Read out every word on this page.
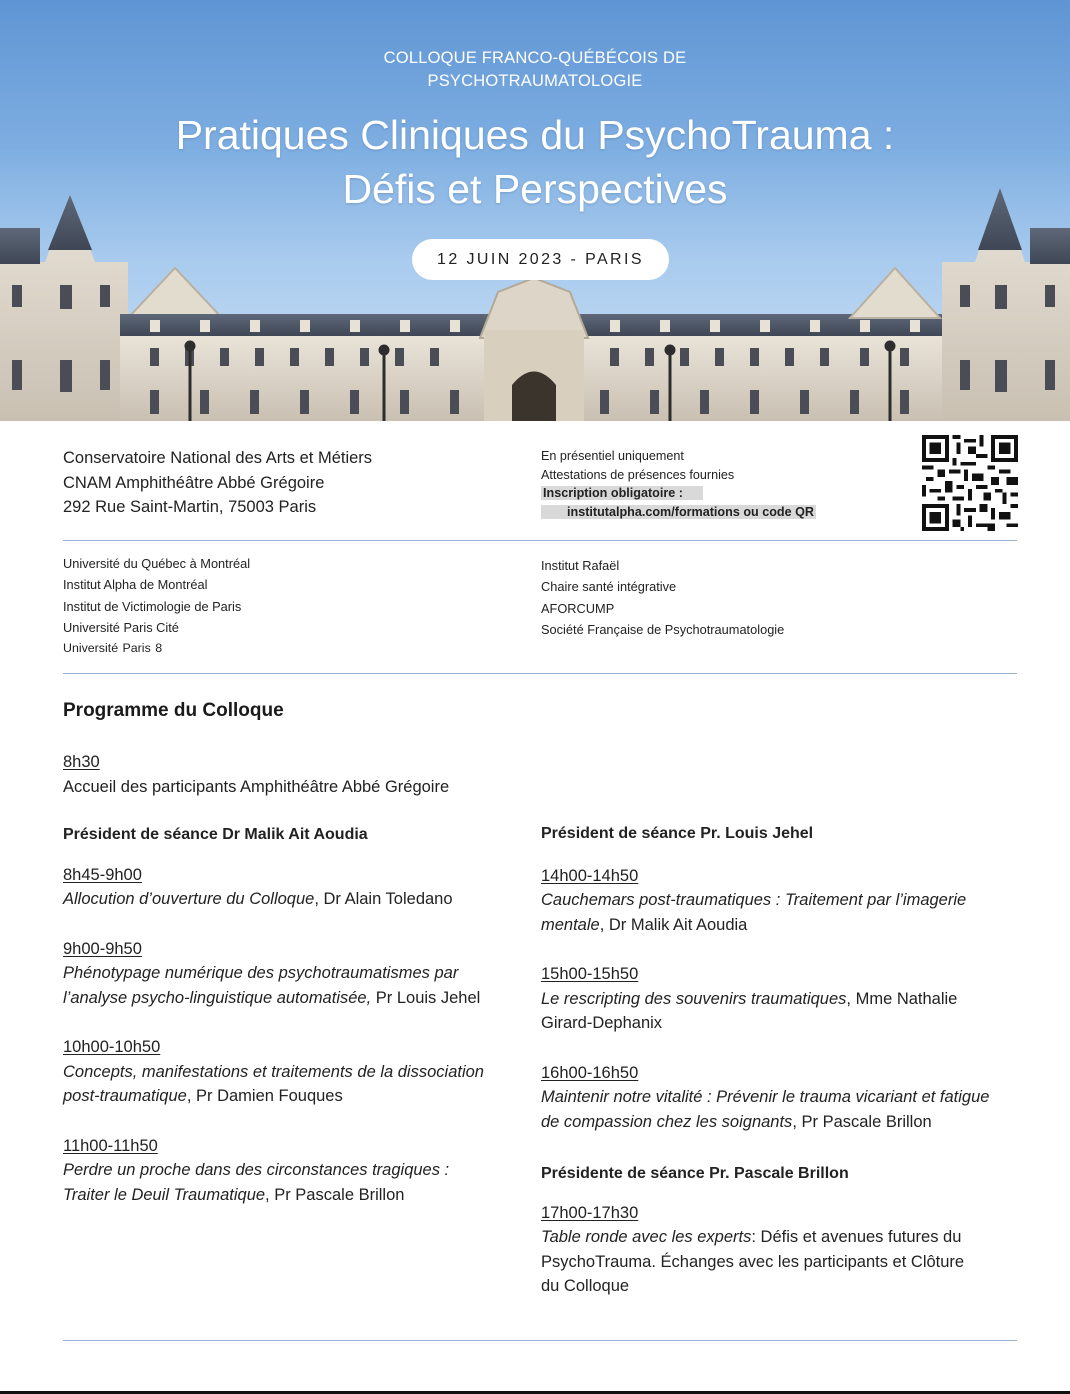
COLLOQUE FRANCO-QUÉBÉCOIS DE
PSYCHOTRAUMATOLOGIE
Pratiques Cliniques du PsychoTrauma :
Défis et Perspectives
12 JUIN 2023 - PARIS
Conservatoire National des Arts et Métiers
CNAM Amphithéâtre Abbé Grégoire
292 Rue Saint-Martin, 75003 Paris
En présentiel uniquement
Attestations de présences fournies
Inscription obligatoire :
institutalpha.com/formations ou code QR
Université du Québec à Montréal
Institut Alpha de Montréal
Institut de Victimologie de Paris
Université Paris Cité
Université Paris 8
Institut Rafaël
Chaire santé intégrative
AFORCUMP
Société Française de Psychotraumatologie
Programme du Colloque
8h30
Accueil des participants Amphithéâtre Abbé Grégoire
Président de séance Dr Malik Ait Aoudia
8h45-9h00
Allocution d’ouverture du Colloque, Dr Alain Toledano
9h00-9h50
Phénotypage numérique des psychotraumatismes par l’analyse psycho-linguistique automatisée, Pr Louis Jehel
10h00-10h50
Concepts, manifestations et traitements de la dissociation post-traumatique, Pr Damien Fouques
11h00-11h50
Perdre un proche dans des circonstances tragiques : Traiter le Deuil Traumatique, Pr Pascale Brillon
Président de séance Pr. Louis Jehel
14h00-14h50
Cauchemars post-traumatiques : Traitement par l’imagerie mentale, Dr Malik Ait Aoudia
15h00-15h50
Le rescripting des souvenirs traumatiques, Mme Nathalie Girard-Dephanix
16h00-16h50
Maintenir notre vitalité : Prévenir le trauma vicariant et fatigue de compassion chez les soignants, Pr Pascale Brillon
Présidente de séance Pr. Pascale Brillon
17h00-17h30
Table ronde avec les experts: Défis et avenues futures du PsychoTrauma. Échanges avec les participants et Clôture du Colloque
